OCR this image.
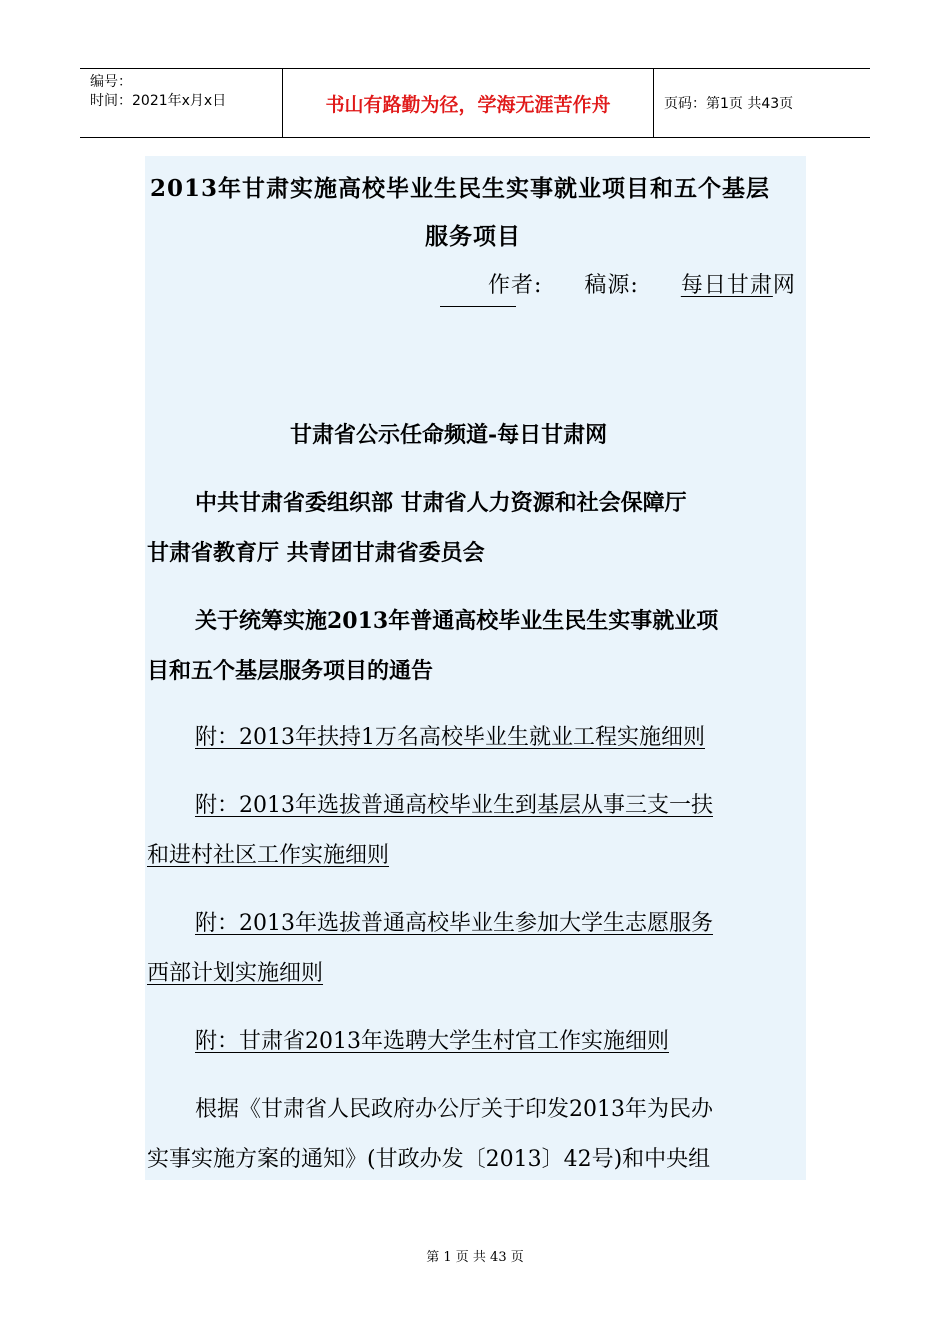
编号：
时间：2021年x月x日	书山有路勤为径，学海无涯苦作舟	页码：第1页 共43页
2013年甘肃实施高校毕业生民生实事就业项目和五个基层
服务项目
作者: 稿源: 每日甘肃网
甘肃省公示任命频道-每日甘肃网
中共甘肃省委组织部 甘肃省人力资源和社会保障厅
甘肃省教育厅 共青团甘肃省委员会
关于统筹实施2013年普通高校毕业生民生实事就业项
目和五个基层服务项目的通告
附：2013年扶持1万名高校毕业生就业工程实施细则
附：2013年选拔普通高校毕业生到基层从事三支一扶
和进村社区工作实施细则
附：2013年选拔普通高校毕业生参加大学生志愿服务
西部计划实施细则
附：甘肃省2013年选聘大学生村官工作实施细则
根据《甘肃省人民政府办公厅关于印发2013年为民办
实事实施方案的通知》(甘政办发〔2013〕42号)和中央组
第 1 页 共 43 页
